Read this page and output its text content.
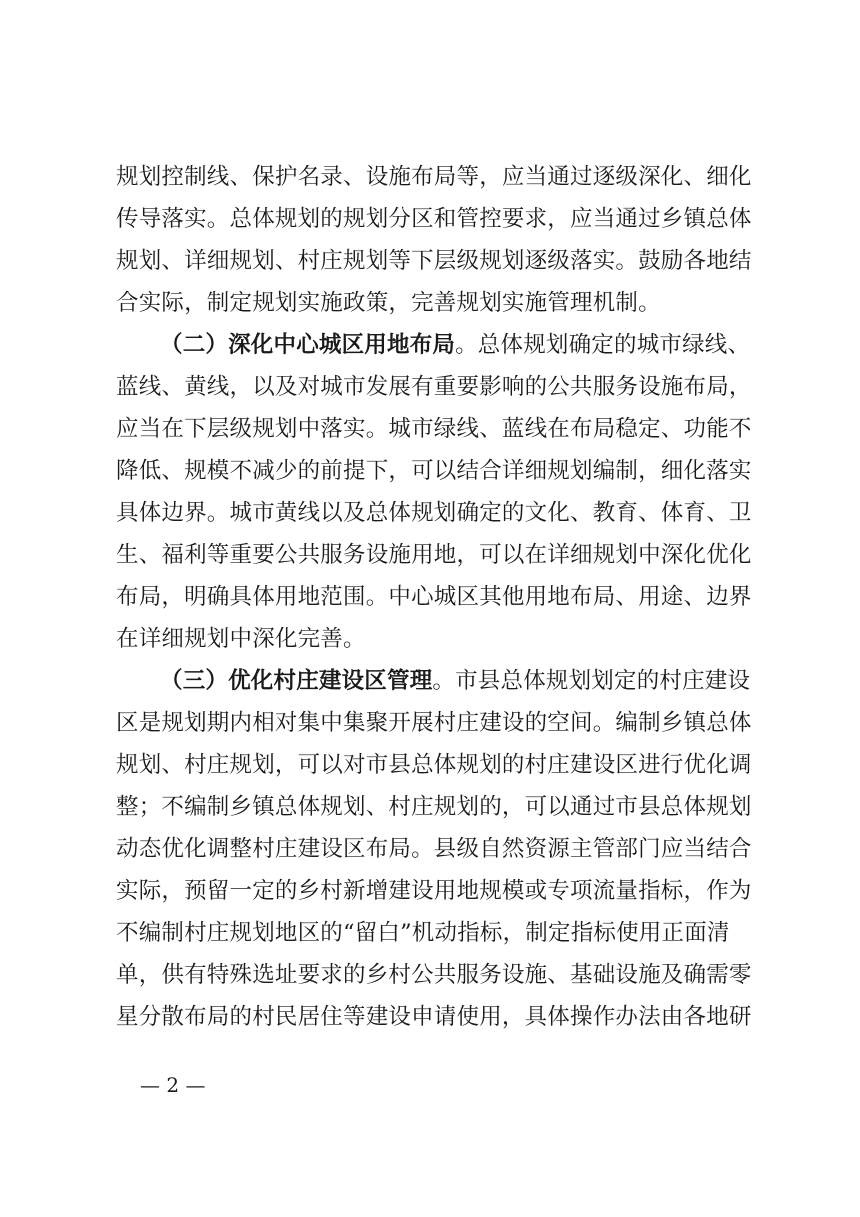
规划控制线、保护名录、设施布局等，应当通过逐级深化、细化
传导落实。总体规划的规划分区和管控要求，应当通过乡镇总体
规划、详细规划、村庄规划等下层级规划逐级落实。鼓励各地结
合实际，制定规划实施政策，完善规划实施管理机制。
（二）深化中心城区用地布局。总体规划确定的城市绿线、
蓝线、黄线，以及对城市发展有重要影响的公共服务设施布局，
应当在下层级规划中落实。城市绿线、蓝线在布局稳定、功能不
降低、规模不减少的前提下，可以结合详细规划编制，细化落实
具体边界。城市黄线以及总体规划确定的文化、教育、体育、卫
生、福利等重要公共服务设施用地，可以在详细规划中深化优化
布局，明确具体用地范围。中心城区其他用地布局、用途、边界
在详细规划中深化完善。
（三）优化村庄建设区管理。市县总体规划划定的村庄建设
区是规划期内相对集中集聚开展村庄建设的空间。编制乡镇总体
规划、村庄规划，可以对市县总体规划的村庄建设区进行优化调
整；不编制乡镇总体规划、村庄规划的，可以通过市县总体规划
动态优化调整村庄建设区布局。县级自然资源主管部门应当结合
实际，预留一定的乡村新增建设用地规模或专项流量指标，作为
不编制村庄规划地区的“留白”机动指标，制定指标使用正面清
单，供有特殊选址要求的乡村公共服务设施、基础设施及确需零
星分散布局的村民居住等建设申请使用，具体操作办法由各地研
— 2 —
